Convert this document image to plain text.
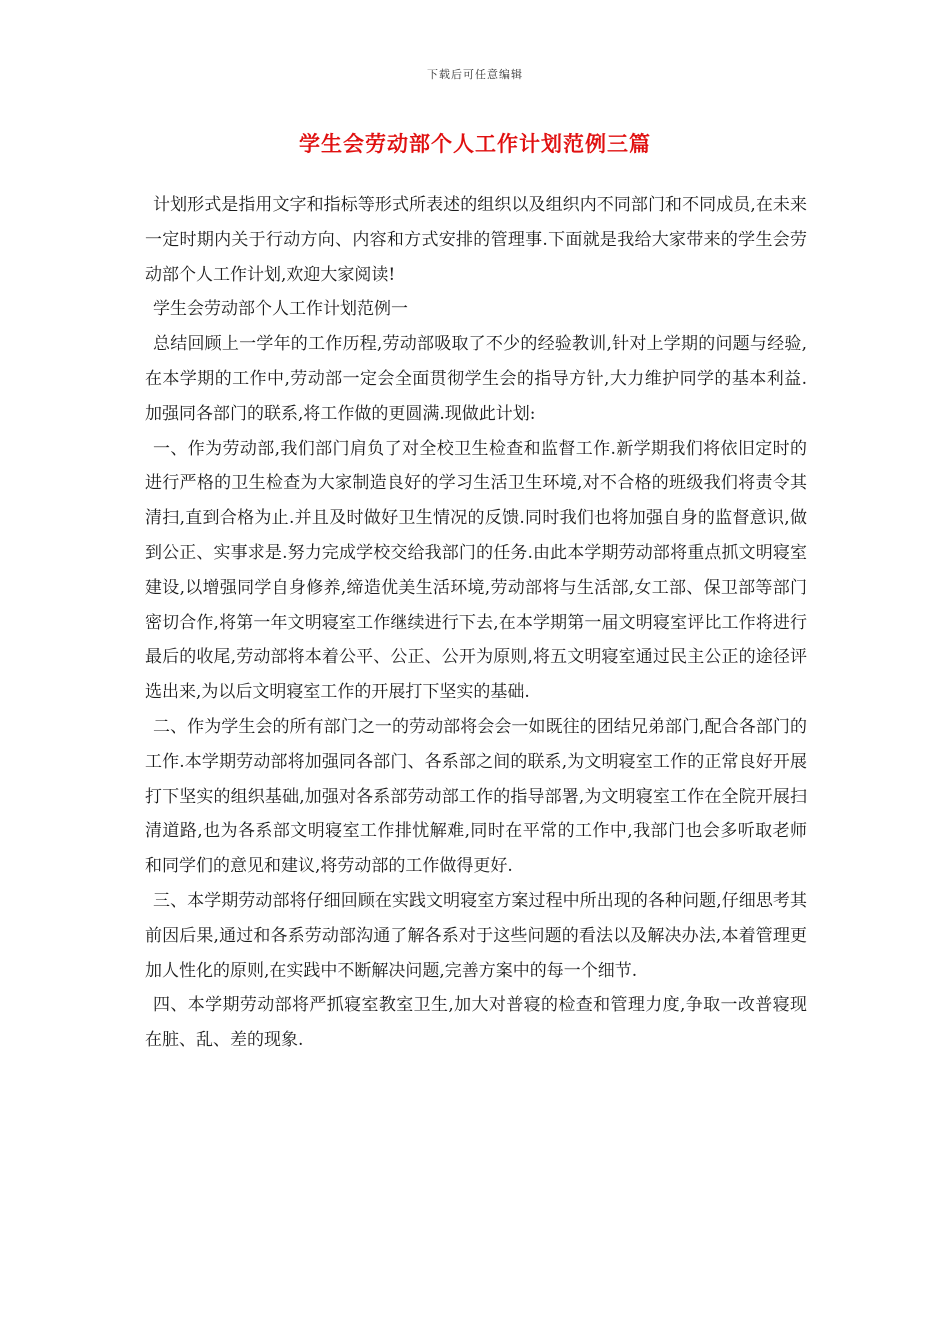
下载后可任意编辑
学生会劳动部个人工作计划范例三篇

计划形式是指用文字和指标等形式所表述的组织以及组织内不同部门和不同成员,在未来一定时期内关于行动方向、内容和方式安排的管理事.下面就是我给大家带来的学生会劳动部个人工作计划,欢迎大家阅读!

学生会劳动部个人工作计划范例一

总结回顾上一学年的工作历程,劳动部吸取了不少的经验教训,针对上学期的问题与经验,在本学期的工作中,劳动部一定会全面贯彻学生会的指导方针,大力维护同学的基本利益.加强同各部门的联系,将工作做的更圆满.现做此计划:

一、作为劳动部,我们部门肩负了对全校卫生检查和监督工作.新学期我们将依旧定时的进行严格的卫生检查为大家制造良好的学习生活卫生环境,对不合格的班级我们将责令其清扫,直到合格为止.并且及时做好卫生情况的反馈.同时我们也将加强自身的监督意识,做到公正、实事求是.努力完成学校交给我部门的任务.由此本学期劳动部将重点抓文明寝室建设,以增强同学自身修养,缔造优美生活环境,劳动部将与生活部,女工部、保卫部等部门密切合作,将第一年文明寝室工作继续进行下去,在本学期第一届文明寝室评比工作将进行最后的收尾,劳动部将本着公平、公正、公开为原则,将五文明寝室通过民主公正的途径评选出来,为以后文明寝室工作的开展打下坚实的基础.

二、作为学生会的所有部门之一的劳动部将会会一如既往的团结兄弟部门,配合各部门的工作.本学期劳动部将加强同各部门、各系部之间的联系,为文明寝室工作的正常良好开展打下坚实的组织基础,加强对各系部劳动部工作的指导部署,为文明寝室工作在全院开展扫清道路,也为各系部文明寝室工作排忧解难,同时在平常的工作中,我部门也会多听取老师和同学们的意见和建议,将劳动部的工作做得更好.

三、本学期劳动部将仔细回顾在实践文明寝室方案过程中所出现的各种问题,仔细思考其前因后果,通过和各系劳动部沟通了解各系对于这些问题的看法以及解决办法,本着管理更加人性化的原则,在实践中不断解决问题,完善方案中的每一个细节.

四、本学期劳动部将严抓寝室教室卫生,加大对普寝的检查和管理力度,争取一改普寝现在脏、乱、差的现象.
